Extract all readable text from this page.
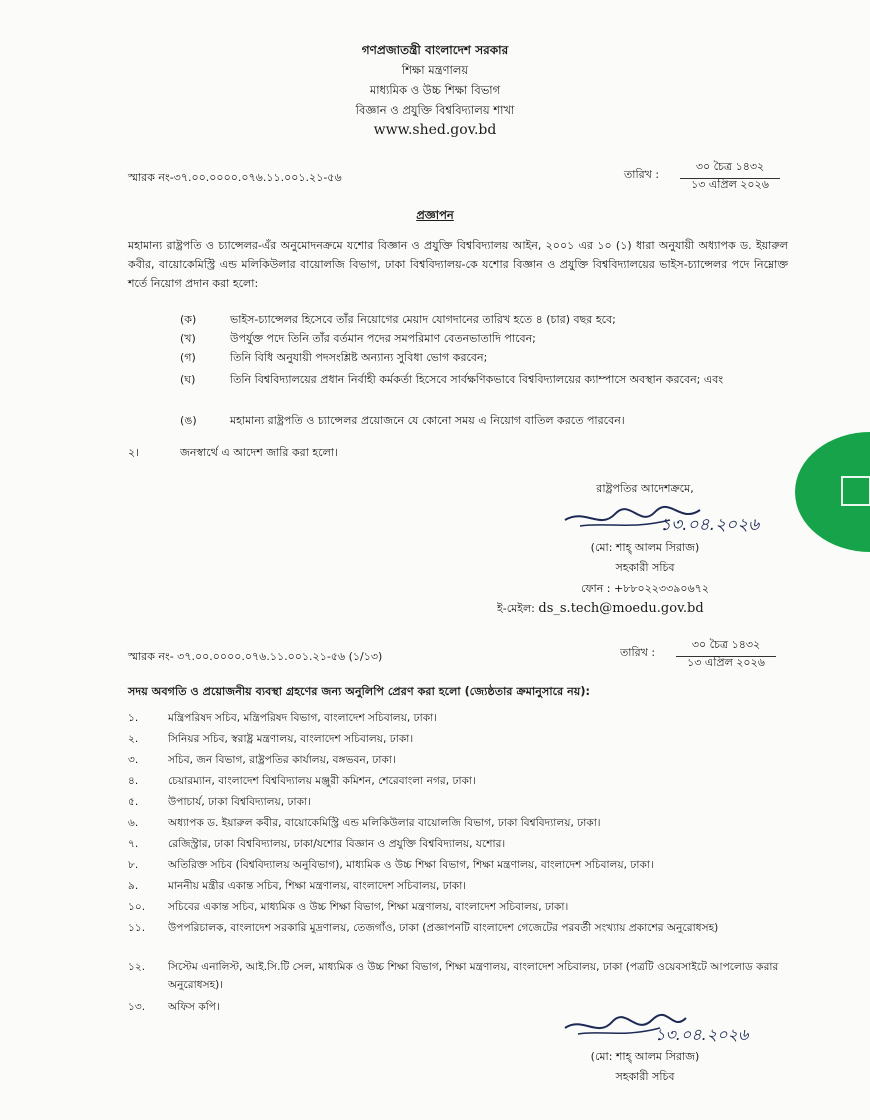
গণপ্রজাতন্ত্রী বাংলাদেশ সরকার
শিক্ষা মন্ত্রণালয়
মাধ্যমিক ও উচ্চ শিক্ষা বিভাগ
বিজ্ঞান ও প্রযুক্তি বিশ্ববিদ্যালয় শাখা
www.shed.gov.bd
স্মারক নং-৩৭.০০.০০০০.০৭৬.১১.০০১.২১-৫৬	তারিখ :
৩০ চৈত্র ১৪৩২
১৩ এপ্রিল ২০২৬
প্রজ্ঞাপন
মহামান্য রাষ্ট্রপতি ও চ্যান্সেলর-এঁর অনুমোদনক্রমে যশোর বিজ্ঞান ও প্রযুক্তি বিশ্ববিদ্যালয় আইন, ২০০১ এর ১০ (১) ধারা অনুযায়ী অধ্যাপক ড. ইয়ারুল কবীর, বায়োকেমিস্ট্রি এন্ড মলিকিউলার বায়োলজি বিভাগ, ঢাকা বিশ্ববিদ্যালয়-কে যশোর বিজ্ঞান ও প্রযুক্তি বিশ্ববিদ্যালয়ের ভাইস-চ্যান্সেলর পদে নিম্নোক্ত শর্তে নিয়োগ প্রদান করা হলো:
(ক)	ভাইস-চ্যান্সেলর হিসেবে তাঁর নিয়োগের মেয়াদ যোগদানের তারিখ হতে ৪ (চার) বছর হবে;
(খ)	উপর্যুক্ত পদে তিনি তাঁর বর্তমান পদের সমপরিমাণ বেতনভাতাদি পাবেন;
(গ)	তিনি বিধি অনুযায়ী পদসংশ্লিষ্ট অন্যান্য সুবিধা ভোগ করবেন;
(ঘ)	তিনি বিশ্ববিদ্যালয়ের প্রধান নির্বাহী কর্মকর্তা হিসেবে সার্বক্ষণিকভাবে বিশ্ববিদ্যালয়ের ক্যাম্পাসে অবস্থান করবেন; এবং
(ঙ)	মহামান্য রাষ্ট্রপতি ও চ্যান্সেলর প্রয়োজনে যে কোনো সময় এ নিয়োগ বাতিল করতে পারবেন।
২।	জনস্বার্থে এ আদেশ জারি করা হলো।
রাষ্ট্রপতির আদেশক্রমে,
১৩.০৪.২০২৬
(মো: শাহ্ আলম সিরাজ)
সহকারী সচিব
ফোন : +৮৮০২২৩৩৯০৬৭২
ই-মেইল: ds_s.tech@moedu.gov.bd
স্মারক নং- ৩৭.০০.০০০০.০৭৬.১১.০০১.২১-৫৬ (১/১৩)	তারিখ :
৩০ চৈত্র ১৪৩২
১৩ এপ্রিল ২০২৬
সদয় অবগতি ও প্রয়োজনীয় ব্যবস্থা গ্রহণের জন্য অনুলিপি প্রেরণ করা হলো (জ্যেষ্ঠতার ক্রমানুসারে নয়):
১.	মন্ত্রিপরিষদ সচিব, মন্ত্রিপরিষদ বিভাগ, বাংলাদেশ সচিবালয়, ঢাকা।
২.	সিনিয়র সচিব, স্বরাষ্ট্র মন্ত্রণালয়, বাংলাদেশ সচিবালয়, ঢাকা।
৩.	সচিব, জন বিভাগ, রাষ্ট্রপতির কার্যালয়, বঙ্গভবন, ঢাকা।
৪.	চেয়ারম্যান, বাংলাদেশ বিশ্ববিদ্যালয় মঞ্জুরী কমিশন, শেরেবাংলা নগর, ঢাকা।
৫.	উপাচার্য, ঢাকা বিশ্ববিদ্যালয়, ঢাকা।
৬.	অধ্যাপক ড. ইয়ারুল কবীর, বায়োকেমিস্ট্রি এন্ড মলিকিউলার বায়োলজি বিভাগ, ঢাকা বিশ্ববিদ্যালয়, ঢাকা।
৭.	রেজিস্ট্রার, ঢাকা বিশ্ববিদ্যালয়, ঢাকা/যশোর বিজ্ঞান ও প্রযুক্তি বিশ্ববিদ্যালয়, যশোর।
৮.	অতিরিক্ত সচিব (বিশ্ববিদ্যালয় অনুবিভাগ), মাধ্যমিক ও উচ্চ শিক্ষা বিভাগ, শিক্ষা মন্ত্রণালয়, বাংলাদেশ সচিবালয়, ঢাকা।
৯.	মাননীয় মন্ত্রীর একান্ত সচিব, শিক্ষা মন্ত্রণালয়, বাংলাদেশ সচিবালয়, ঢাকা।
১০.	সচিবের একান্ত সচিব, মাধ্যমিক ও উচ্চ শিক্ষা বিভাগ, শিক্ষা মন্ত্রণালয়, বাংলাদেশ সচিবালয়, ঢাকা।
১১.	উপপরিচালক, বাংলাদেশ সরকারি মুদ্রণালয়, তেজগাঁও, ঢাকা (প্রজ্ঞাপনটি বাংলাদেশ গেজেটের পরবর্তী সংখ্যায় প্রকাশের অনুরোধসহ)
১২.	সিস্টেম এনালিস্ট, আই.সি.টি সেল, মাধ্যমিক ও উচ্চ শিক্ষা বিভাগ, শিক্ষা মন্ত্রণালয়, বাংলাদেশ সচিবালয়, ঢাকা (পত্রটি ওয়েবসাইটে আপলোড করার অনুরোধসহ)।
১৩.	অফিস কপি।
১৩.০৪.২০২৬
(মো: শাহ্ আলম সিরাজ)
সহকারী সচিব
